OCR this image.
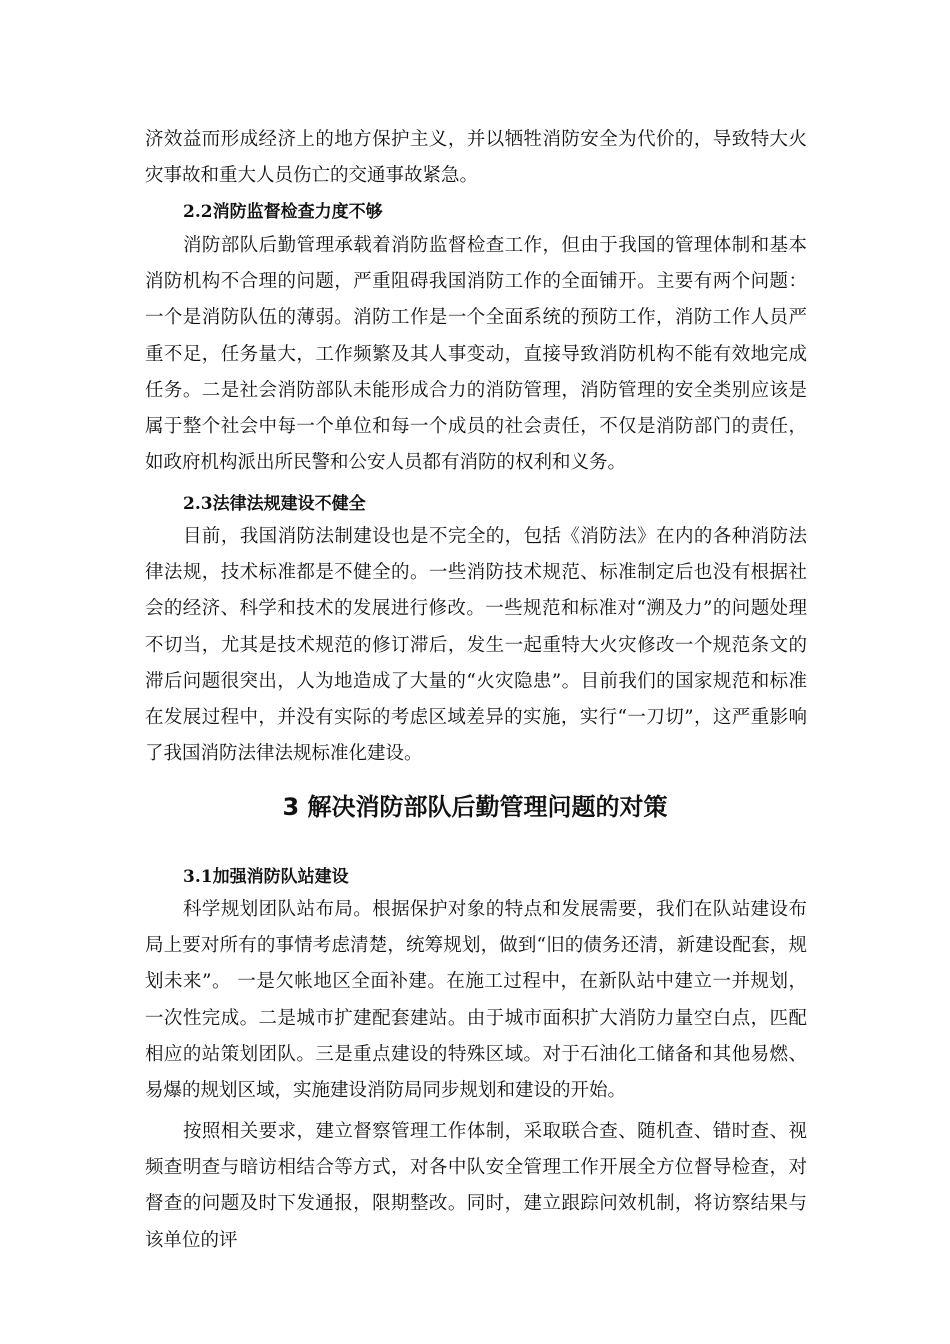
济效益而形成经济上的地方保护主义，并以牺牲消防安全为代价的，导致特大火灾事故和重大人员伤亡的交通事故紧急。

2.2消防监督检查力度不够

消防部队后勤管理承载着消防监督检查工作，但由于我国的管理体制和基本消防机构不合理的问题，严重阻碍我国消防工作的全面铺开。主要有两个问题：一个是消防队伍的薄弱。消防工作是一个全面系统的预防工作，消防工作人员严重不足，任务量大，工作频繁及其人事变动，直接导致消防机构不能有效地完成任务。二是社会消防部队未能形成合力的消防管理，消防管理的安全类别应该是属于整个社会中每一个单位和每一个成员的社会责任，不仅是消防部门的责任，如政府机构派出所民警和公安人员都有消防的权利和义务。

2.3法律法规建设不健全

目前，我国消防法制建设也是不完全的，包括《消防法》在内的各种消防法律法规，技术标准都是不健全的。一些消防技术规范、标准制定后也没有根据社会的经济、科学和技术的发展进行修改。一些规范和标准对“溯及力”的问题处理不切当，尤其是技术规范的修订滞后，发生一起重特大火灾修改一个规范条文的滞后问题很突出，人为地造成了大量的“火灾隐患”。目前我们的国家规范和标准在发展过程中，并没有实际的考虑区域差异的实施，实行“一刀切”，这严重影响了我国消防法律法规标准化建设。

3 解决消防部队后勤管理问题的对策

3.1加强消防队站建设

科学规划团队站布局。根据保护对象的特点和发展需要，我们在队站建设布局上要对所有的事情考虑清楚，统筹规划，做到“旧的债务还清，新建设配套，规划未来”。 一是欠帐地区全面补建。在施工过程中，在新队站中建立一并规划，一次性完成。二是城市扩建配套建站。由于城市面积扩大消防力量空白点，匹配相应的站策划团队。三是重点建设的特殊区域。对于石油化工储备和其他易燃、易爆的规划区域，实施建设消防局同步规划和建设的开始。

按照相关要求，建立督察管理工作体制，采取联合查、随机查、错时查、视频查明查与暗访相结合等方式，对各中队安全管理工作开展全方位督导检查，对督查的问题及时下发通报，限期整改。同时，建立跟踪问效机制，将访察结果与该单位的评
